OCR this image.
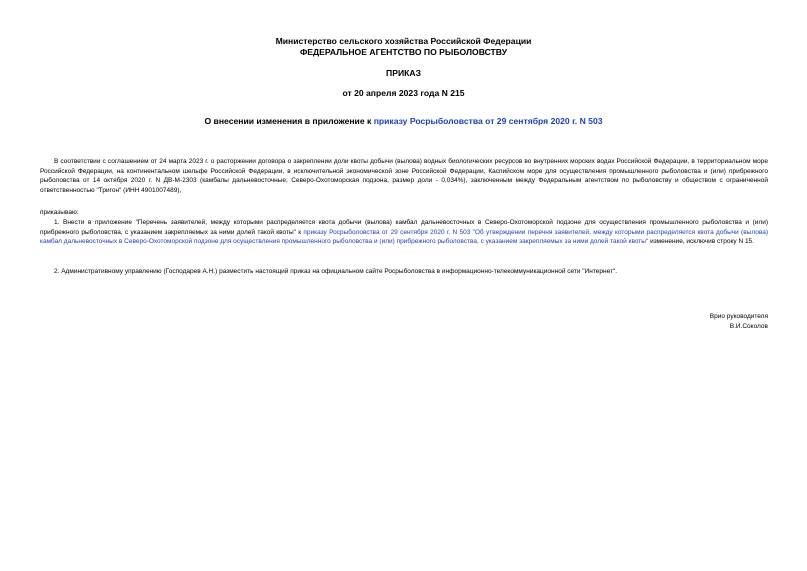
Министерство сельского хозяйства Российской Федерации
ФЕДЕРАЛЬНОЕ АГЕНТСТВО ПО РЫБОЛОВСТВУ
ПРИКАЗ
от 20 апреля 2023 года N 215
О внесении изменения в приложение к приказу Росрыболовства от 29 сентября 2020 г. N 503
В соответствии с соглашением от 24 марта 2023 г. о расторжении договора о закреплении доли квоты добычи (вылова) водных биологических ресурсов во внутренних морских водах Российской Федерации, в территориальном море Российской Федерации, на континентальном шельфе Российской Федерации, в исключительной экономической зоне Российской Федерации, Каспийском море для осуществления промышленного рыболовства и (или) прибрежного рыболовства от 14 октября 2020 г. N ДВ-М-2303 (камбалы дальневосточные, Северо-Охотоморская подзона, размер доли - 0,034%), заключенным между Федеральным агентством по рыболовству и обществом с ограниченной ответственностью "Тригон" (ИНН 4901007489),
приказываю:
1. Внести в приложение "Перечень заявителей, между которыми распределяется квота добычи (вылова) камбал дальневосточных в Северо-Охотоморской подзоне для осуществления промышленного рыболовства и (или) прибрежного рыболовства, с указанием закрепляемых за ними долей такой квоты" к приказу Росрыболовства от 29 сентября 2020 г. N 503 "Об утверждении перечня заявителей, между которыми распределяется квота добычи (вылова) камбал дальневосточных в Северо-Охотоморской подзоне для осуществления промышленного рыболовства и (или) прибрежного рыболовства, с указанием закрепляемых за ними долей такой квоты" изменение, исключив строку N 15.
2. Административному управлению (Господарев А.Н.) разместить настоящий приказ на официальном сайте Росрыболовства в информационно-телекоммуникационной сети "Интернет".
Врио руководителя
В.И.Соколов
